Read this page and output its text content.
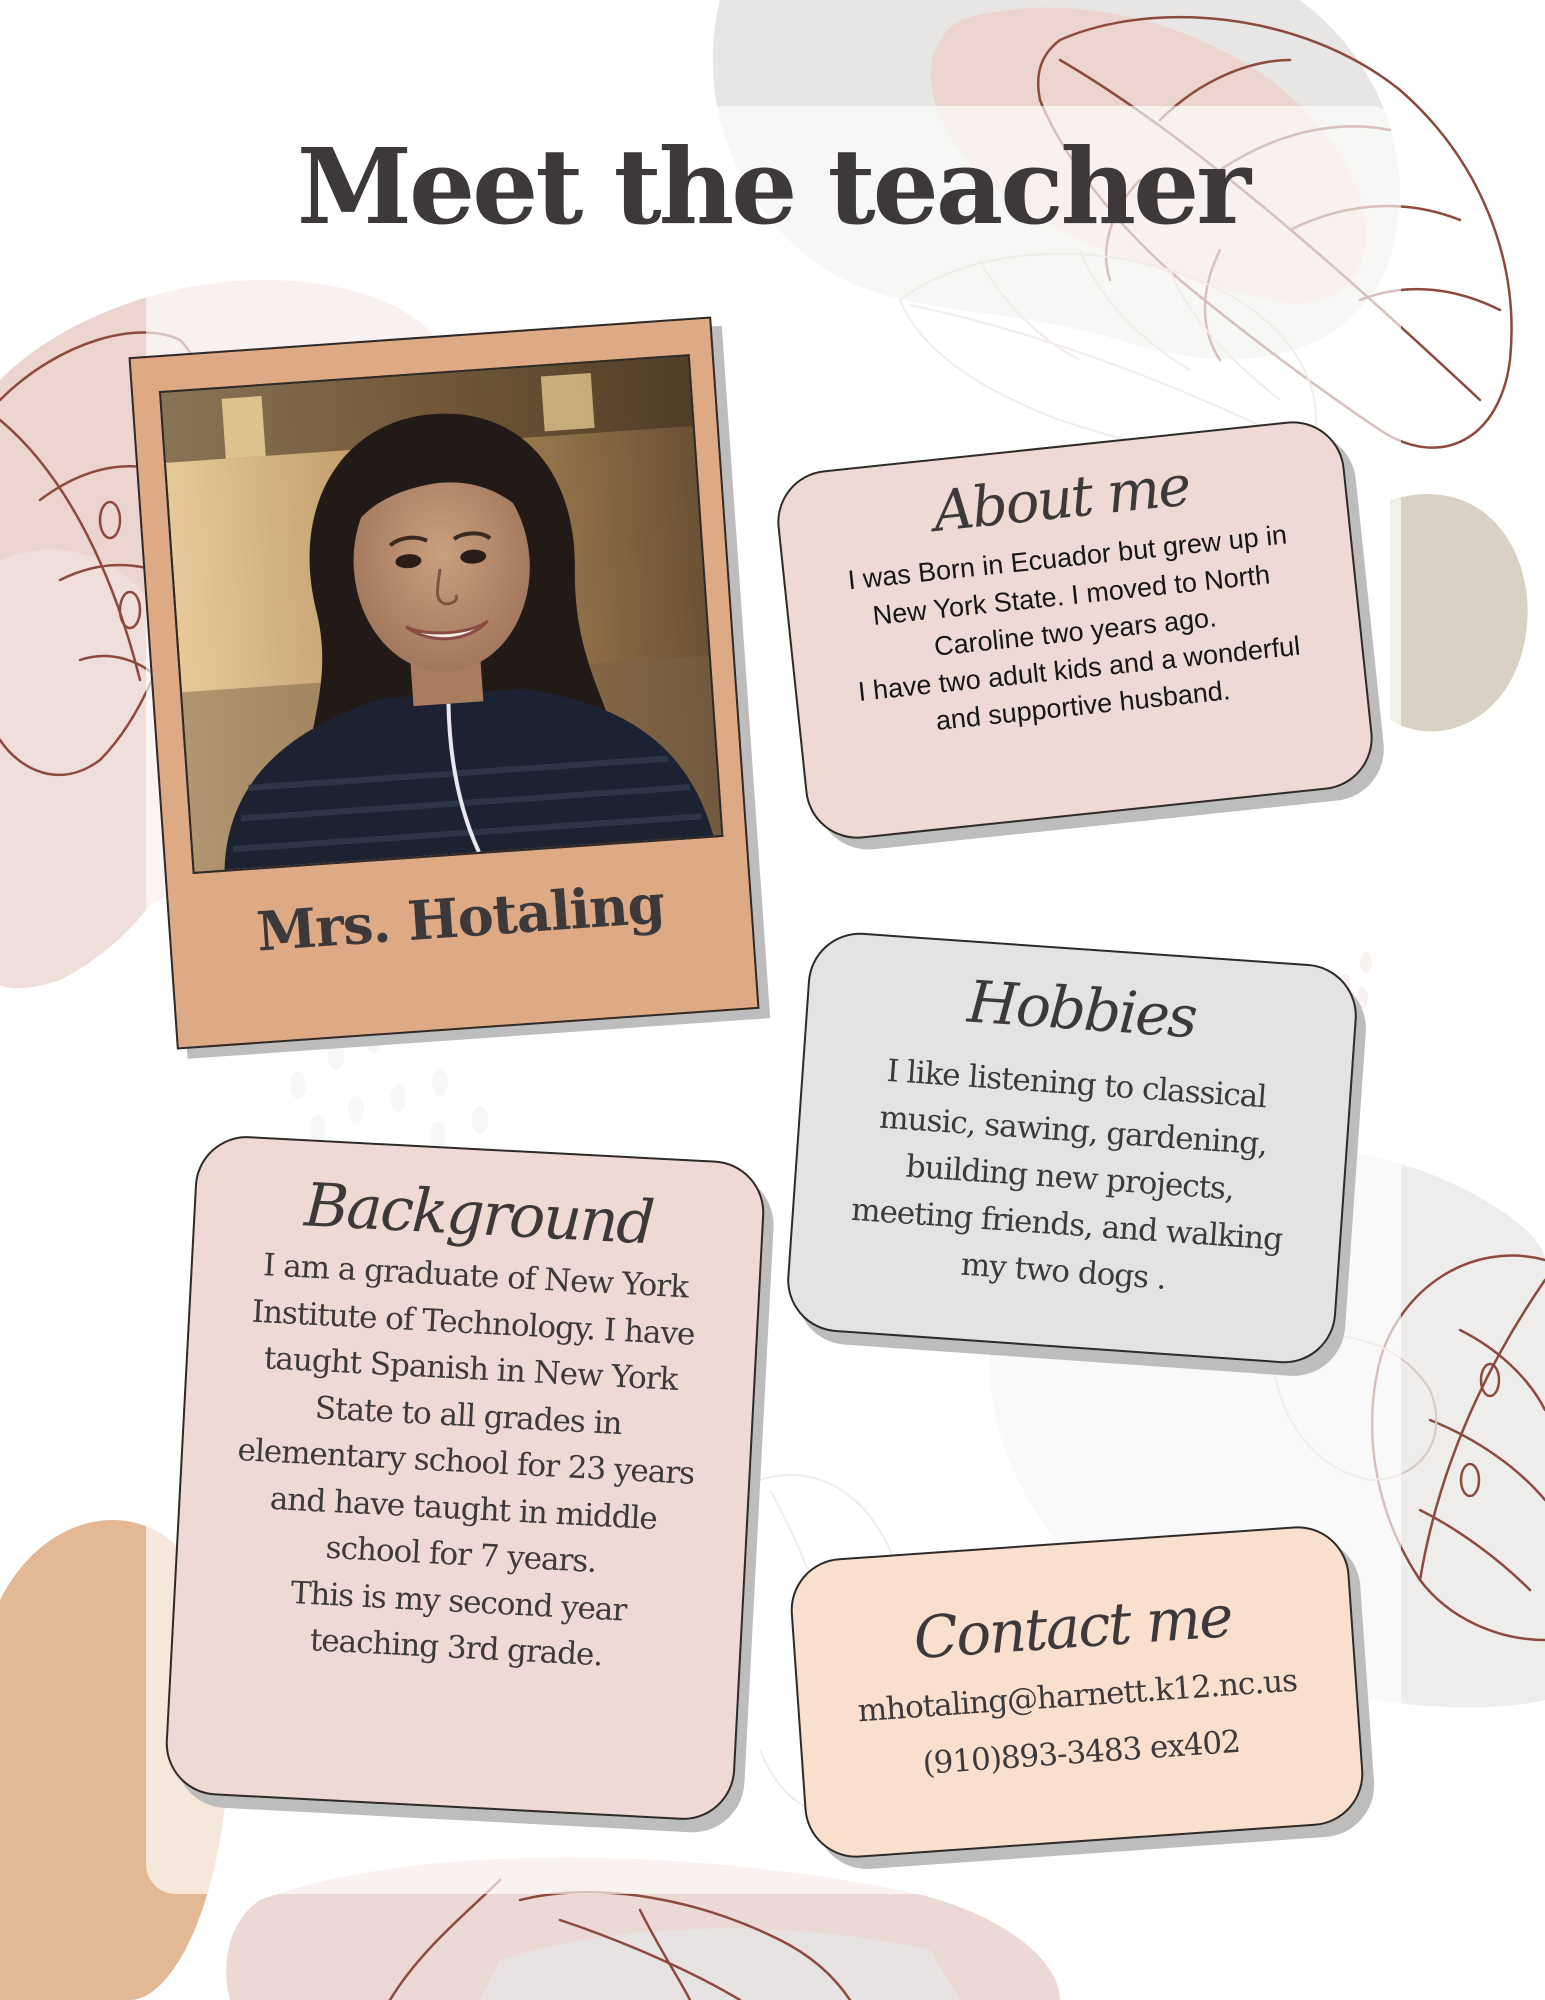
Meet the teacher
Mrs. Hotaling
About me

I was Born in Ecuador but grew up in
New York State. I moved to North
Caroline two years ago.
I have two adult kids and a wonderful
and supportive husband.

Hobbies

I like listening to classical
music, sawing, gardening,
building new projects,
meeting friends, and walking
my two dogs .

Background

I am a graduate of New York
Institute of Technology. I have
taught Spanish in New York
State to all grades in
elementary school for 23 years
and have taught in middle
school for 7 years.
This is my second year
teaching 3rd grade.	Contact me

mhotaling@harnett.k12.nc.us

(910)893-3483 ex402
